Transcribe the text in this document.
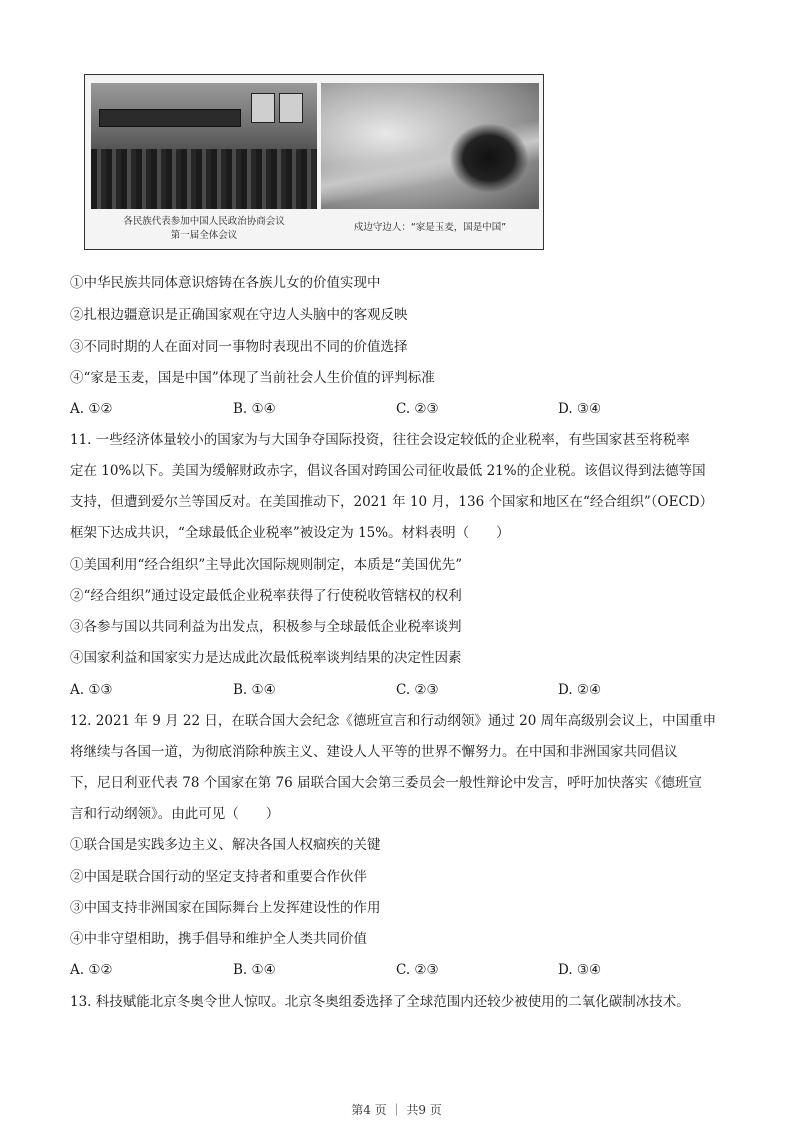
各民族代表参加中国人民政治协商会议
第一届全体会议
戍边守边人：“家是玉麦，国是中国”
①中华民族共同体意识熔铸在各族儿女的价值实现中
②扎根边疆意识是正确国家观在守边人头脑中的客观反映
③不同时期的人在面对同一事物时表现出不同的价值选择
④“家是玉麦，国是中国”体现了当前社会人生价值的评判标准
A. ①②	B. ①④	C. ②③	D. ③④
11. 一些经济体量较小的国家为与大国争夺国际投资，往往会设定较低的企业税率，有些国家甚至将税率
定在 10%以下。美国为缓解财政赤字，倡议各国对跨国公司征收最低 21%的企业税。该倡议得到法德等国
支持，但遭到爱尔兰等国反对。在美国推动下，2021 年 10 月，136 个国家和地区在“经合组织”（OECD）
框架下达成共识，“全球最低企业税率”被设定为 15%。材料表明（　　）
①美国利用“经合组织”主导此次国际规则制定，本质是“美国优先”
②“经合组织”通过设定最低企业税率获得了行使税收管辖权的权利
③各参与国以共同利益为出发点，积极参与全球最低企业税率谈判
④国家利益和国家实力是达成此次最低税率谈判结果的决定性因素
A. ①③	B. ①④	C. ②③	D. ②④
12. 2021 年 9 月 22 日，在联合国大会纪念《德班宣言和行动纲领》通过 20 周年高级别会议上，中国重申
将继续与各国一道，为彻底消除种族主义、建设人人平等的世界不懈努力。在中国和非洲国家共同倡议
下，尼日利亚代表 78 个国家在第 76 届联合国大会第三委员会一般性辩论中发言，呼吁加快落实《德班宣
言和行动纲领》。由此可见（　　）
①联合国是实践多边主义、解决各国人权痼疾的关键
②中国是联合国行动的坚定支持者和重要合作伙伴
③中国支持非洲国家在国际舞台上发挥建设性的作用
④中非守望相助，携手倡导和维护全人类共同价值
A. ①②	B. ①④	C. ②③	D. ③④
13. 科技赋能北京冬奥令世人惊叹。北京冬奥组委选择了全球范围内还较少被使用的二氧化碳制冰技术。
第4 页 ｜ 共9 页
